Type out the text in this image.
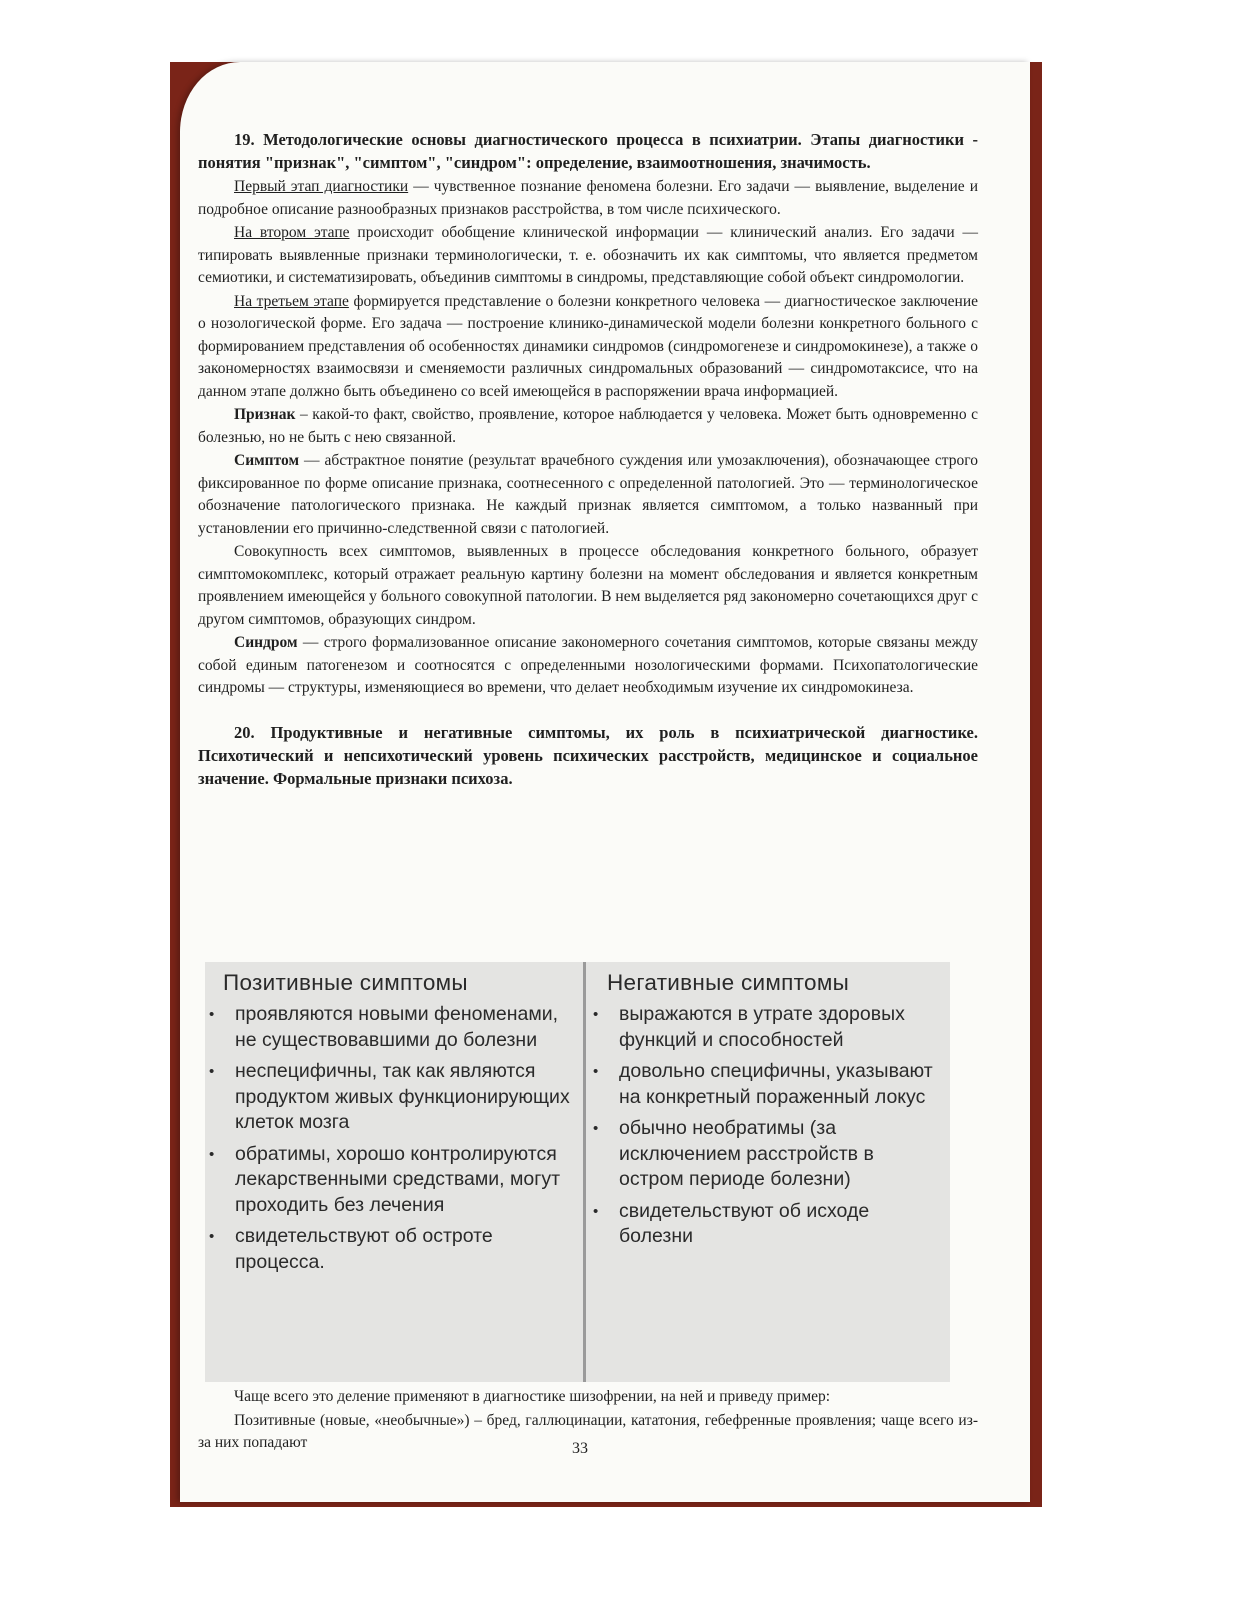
19. Методологические основы диагностического процесса в психиатрии. Этапы диагностики - понятия "признак", "симптом", "синдром": определение, взаимоотношения, значимость.

Первый этап диагностики — чувственное познание феномена болезни. Его задачи — выявление, выделение и подробное описание разнообразных признаков расстройства, в том числе психического.

На втором этапе происходит обобщение клинической информации — клинический анализ. Его задачи — типировать выявленные признаки терминологически, т. е. обозначить их как симптомы, что является предметом семиотики, и систематизировать, объединив симптомы в синдромы, представляющие собой объект синдромологии.

На третьем этапе формируется представление о болезни конкретного человека — диагностическое заключение о нозологической форме. Его задача — построение клинико-динамической модели болезни конкретного больного с формированием представления об особенностях динамики синдромов (синдромогенезе и синдромокинезе), а также о закономерностях взаимосвязи и сменяемости различных синдромальных образований — синдромотаксисе, что на данном этапе должно быть объединено со всей имеющейся в распоряжении врача информацией.

Признак – какой-то факт, свойство, проявление, которое наблюдается у человека. Может быть одновременно с болезнью, но не быть с нею связанной.

Симптом — абстрактное понятие (результат врачебного суждения или умозаключения), обозначающее строго фиксированное по форме описание признака, соотнесенного с определенной патологией. Это — терминологическое обозначение патологического признака. Не каждый признак является симптомом, а только названный при установлении его причинно-следственной связи с патологией.

Совокупность всех симптомов, выявленных в процессе обследования конкретного больного, образует симптомокомплекс, который отражает реальную картину болезни на момент обследования и является конкретным проявлением имеющейся у больного совокупной патологии. В нем выделяется ряд закономерно сочетающихся друг с другом симптомов, образующих синдром.

Синдром — строго формализованное описание закономерного сочетания симптомов, которые связаны между собой единым патогенезом и соотносятся с определенными нозологическими формами. Психопатологические синдромы — структуры, изменяющиеся во времени, что делает необходимым изучение их синдромокинеза.

20. Продуктивные и негативные симптомы, их роль в психиатрической диагностике. Психотический и непсихотический уровень психических расстройств, медицинское и социальное значение. Формальные признаки психоза.

Позитивные симптомы
• проявляются новыми феноменами, не существовавшими до болезни
• неспецифичны, так как являются продуктом живых функционирующих клеток мозга
• обратимы, хорошо контролируются лекарственными средствами, могут проходить без лечения
• свидетельствуют об остроте процесса.
Негативные симптомы
• выражаются в утрате здоровых функций и способностей
• довольно специфичны, указывают на конкретный пораженный локус
• обычно необратимы (за исключением расстройств в остром периоде болезни)
• свидетельствуют об исходе болезни

Чаще всего это деление применяют в диагностике шизофрении, на ней и приведу пример:

Позитивные (новые, «необычные») – бред, галлюцинации, кататония, гебефренные проявления; чаще всего из-за них попадают	33
